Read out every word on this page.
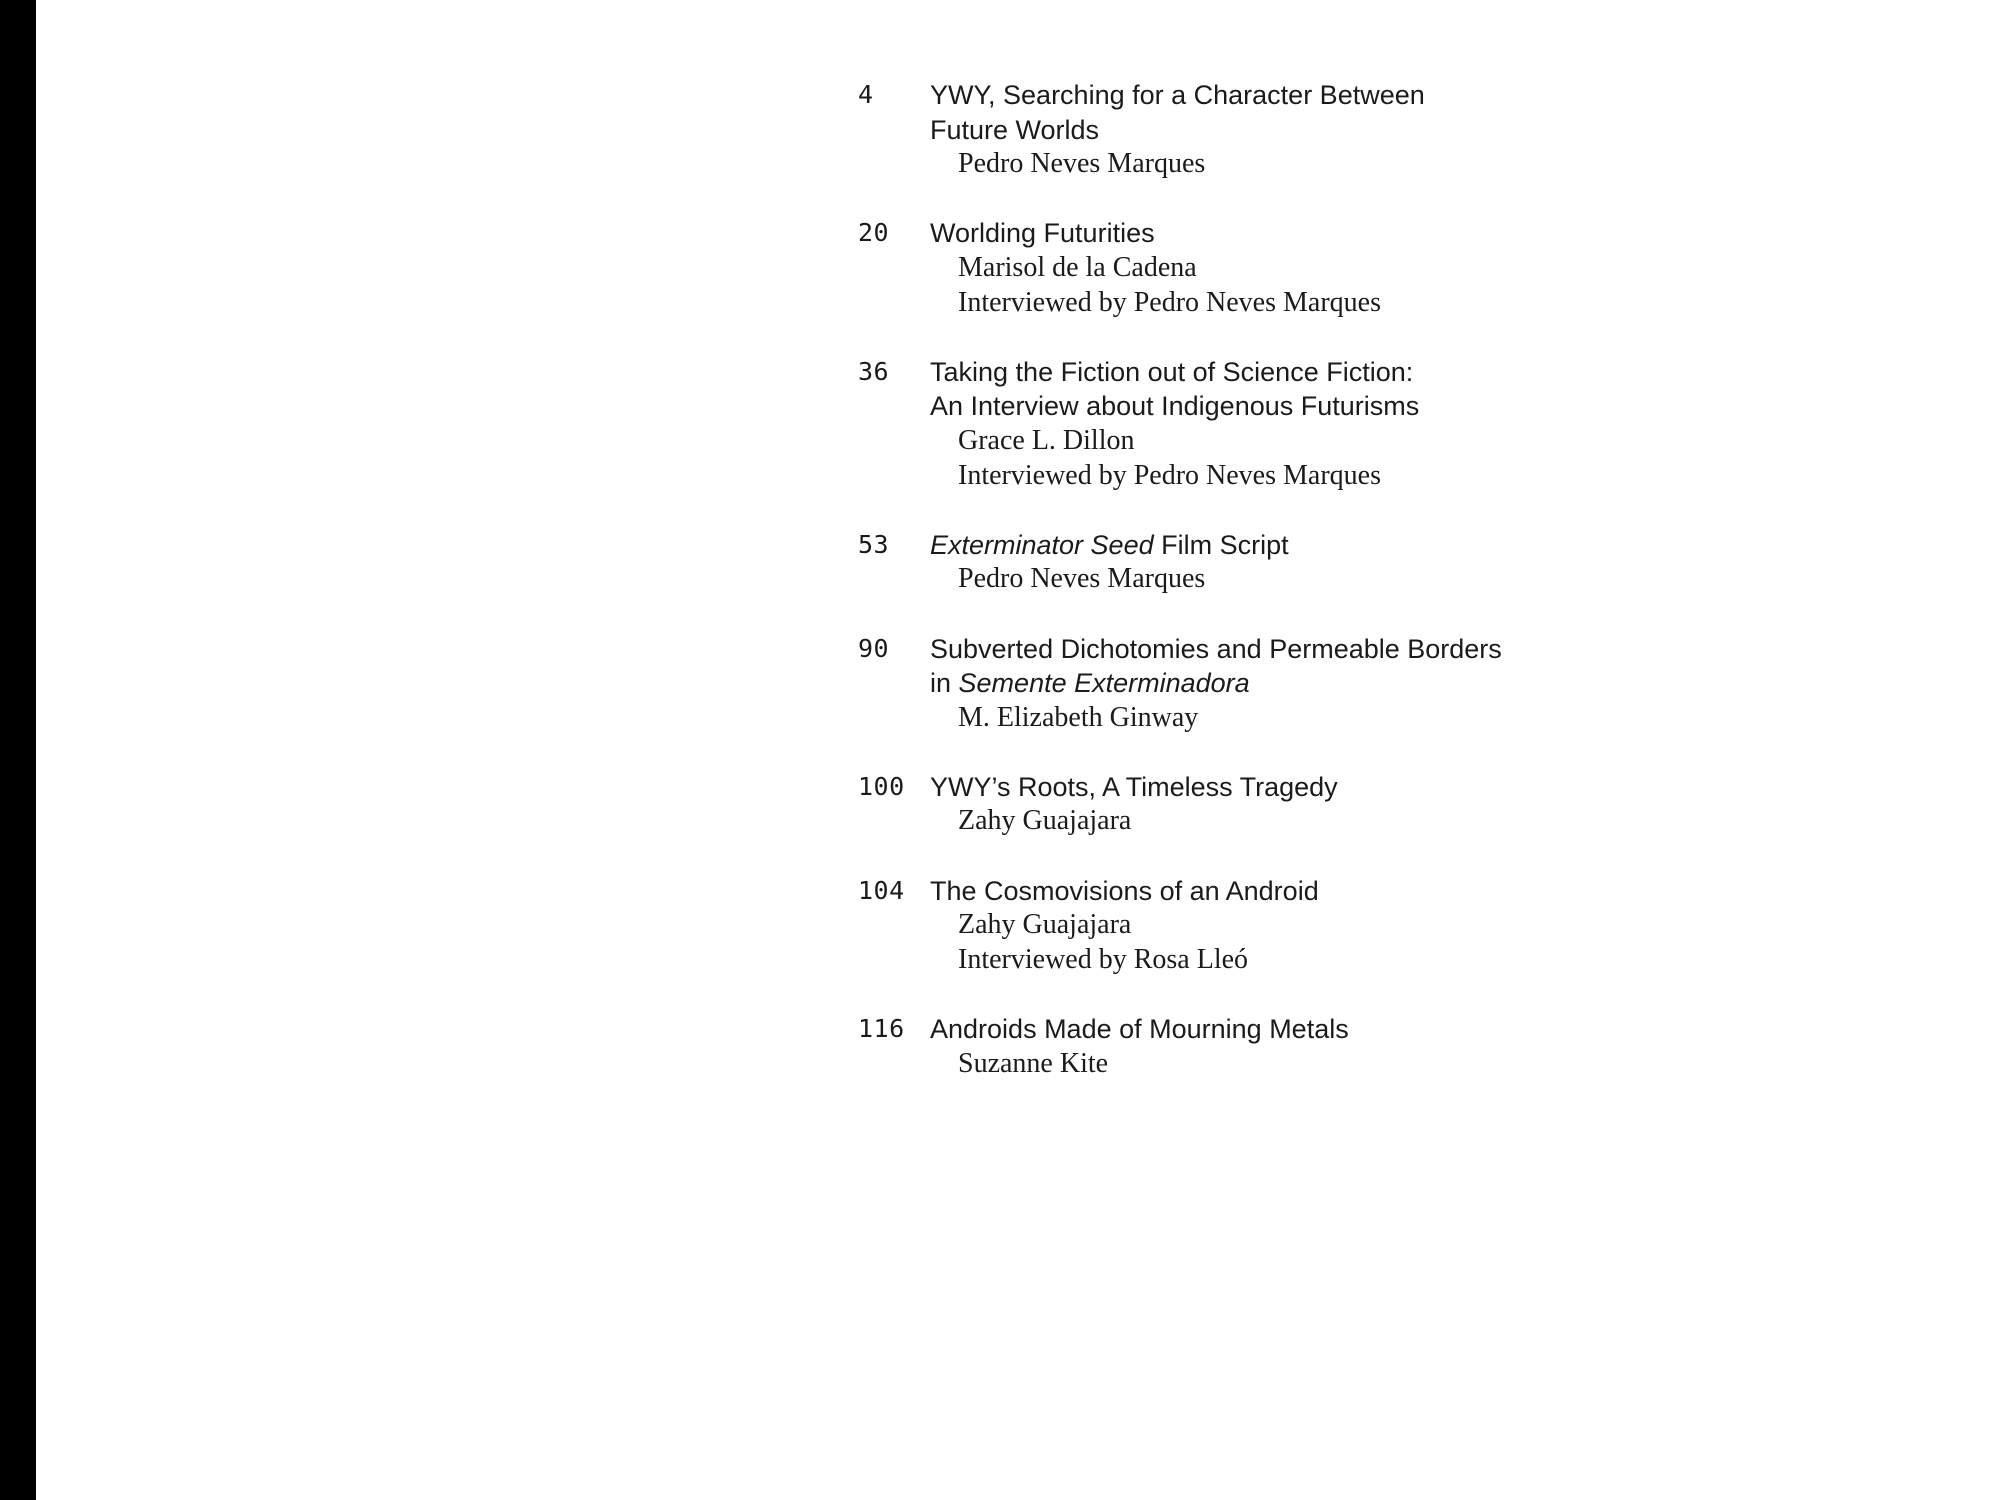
4	YWY, Searching for a Character Between
Future Worlds
Pedro Neves Marques
20	Worlding Futurities
Marisol de la Cadena
Interviewed by Pedro Neves Marques
36	Taking the Fiction out of Science Fiction:
An Interview about Indigenous Futurisms
Grace L. Dillon
Interviewed by Pedro Neves Marques
53	Exterminator Seed Film Script
Pedro Neves Marques
90	Subverted Dichotomies and Permeable Borders
in Semente Exterminadora
M. Elizabeth Ginway
100 YWY’s Roots, A Timeless Tragedy
Zahy Guajajara
104 The Cosmovisions of an Android
Zahy Guajajara
Interviewed by Rosa Lleó
116 Androids Made of Mourning Metals
Suzanne Kite
